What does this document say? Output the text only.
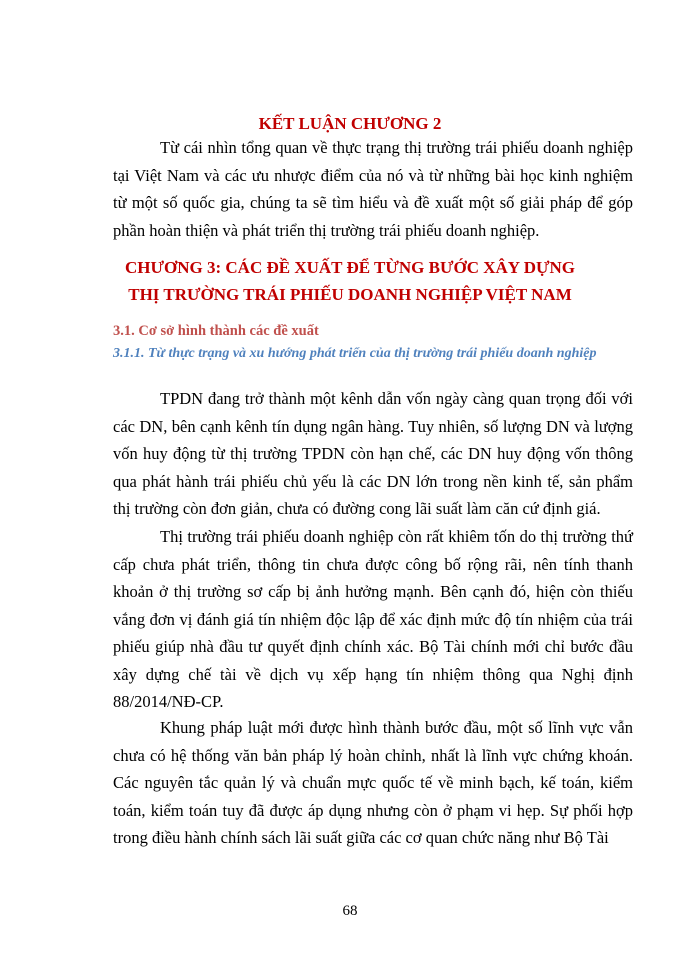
KẾT LUẬN CHƯƠNG 2
Từ cái nhìn tổng quan về thực trạng thị trường trái phiếu doanh nghiệp tại Việt Nam và các ưu nhược điểm của nó và từ những bài học kinh nghiệm từ một số quốc gia, chúng ta sẽ tìm hiểu và đề xuất một số giải pháp để góp phần hoàn thiện và phát triển thị trường trái phiếu doanh nghiệp.
CHƯƠNG 3: CÁC ĐỀ XUẤT ĐỂ TỪNG BƯỚC XÂY DỰNG THỊ TRƯỜNG TRÁI PHIẾU DOANH NGHIỆP VIỆT NAM
3.1. Cơ sở hình thành các đề xuất
3.1.1. Từ thực trạng và xu hướng phát triển của thị trường trái phiếu doanh nghiệp
TPDN đang trở thành một kênh dẫn vốn ngày càng quan trọng đối với các DN, bên cạnh kênh tín dụng ngân hàng. Tuy nhiên, số lượng DN và lượng vốn huy động từ thị trường TPDN còn hạn chế, các DN huy động vốn thông qua phát hành trái phiếu chủ yếu là các DN lớn trong nền kinh tế, sản phẩm thị trường còn đơn giản, chưa có đường cong lãi suất làm căn cứ định giá.
Thị trường trái phiếu doanh nghiệp còn rất khiêm tốn do thị trường thứ cấp chưa phát triển, thông tin chưa được công bố rộng rãi, nên tính thanh khoản ở thị trường sơ cấp bị ảnh hưởng mạnh. Bên cạnh đó, hiện còn thiếu vắng đơn vị đánh giá tín nhiệm độc lập để xác định mức độ tín nhiệm của trái phiếu giúp nhà đầu tư quyết định chính xác. Bộ Tài chính mới chỉ bước đầu xây dựng chế tài về dịch vụ xếp hạng tín nhiệm thông qua Nghị định 88/2014/NĐ-CP.
Khung pháp luật mới được hình thành bước đầu, một số lĩnh vực vẫn chưa có hệ thống văn bản pháp lý hoàn chỉnh, nhất là lĩnh vực chứng khoán. Các nguyên tắc quản lý và chuẩn mực quốc tế về minh bạch, kế toán, kiểm toán, kiểm toán tuy đã được áp dụng nhưng còn ở phạm vi hẹp. Sự phối hợp trong điều hành chính sách lãi suất giữa các cơ quan chức năng như Bộ Tài
68
